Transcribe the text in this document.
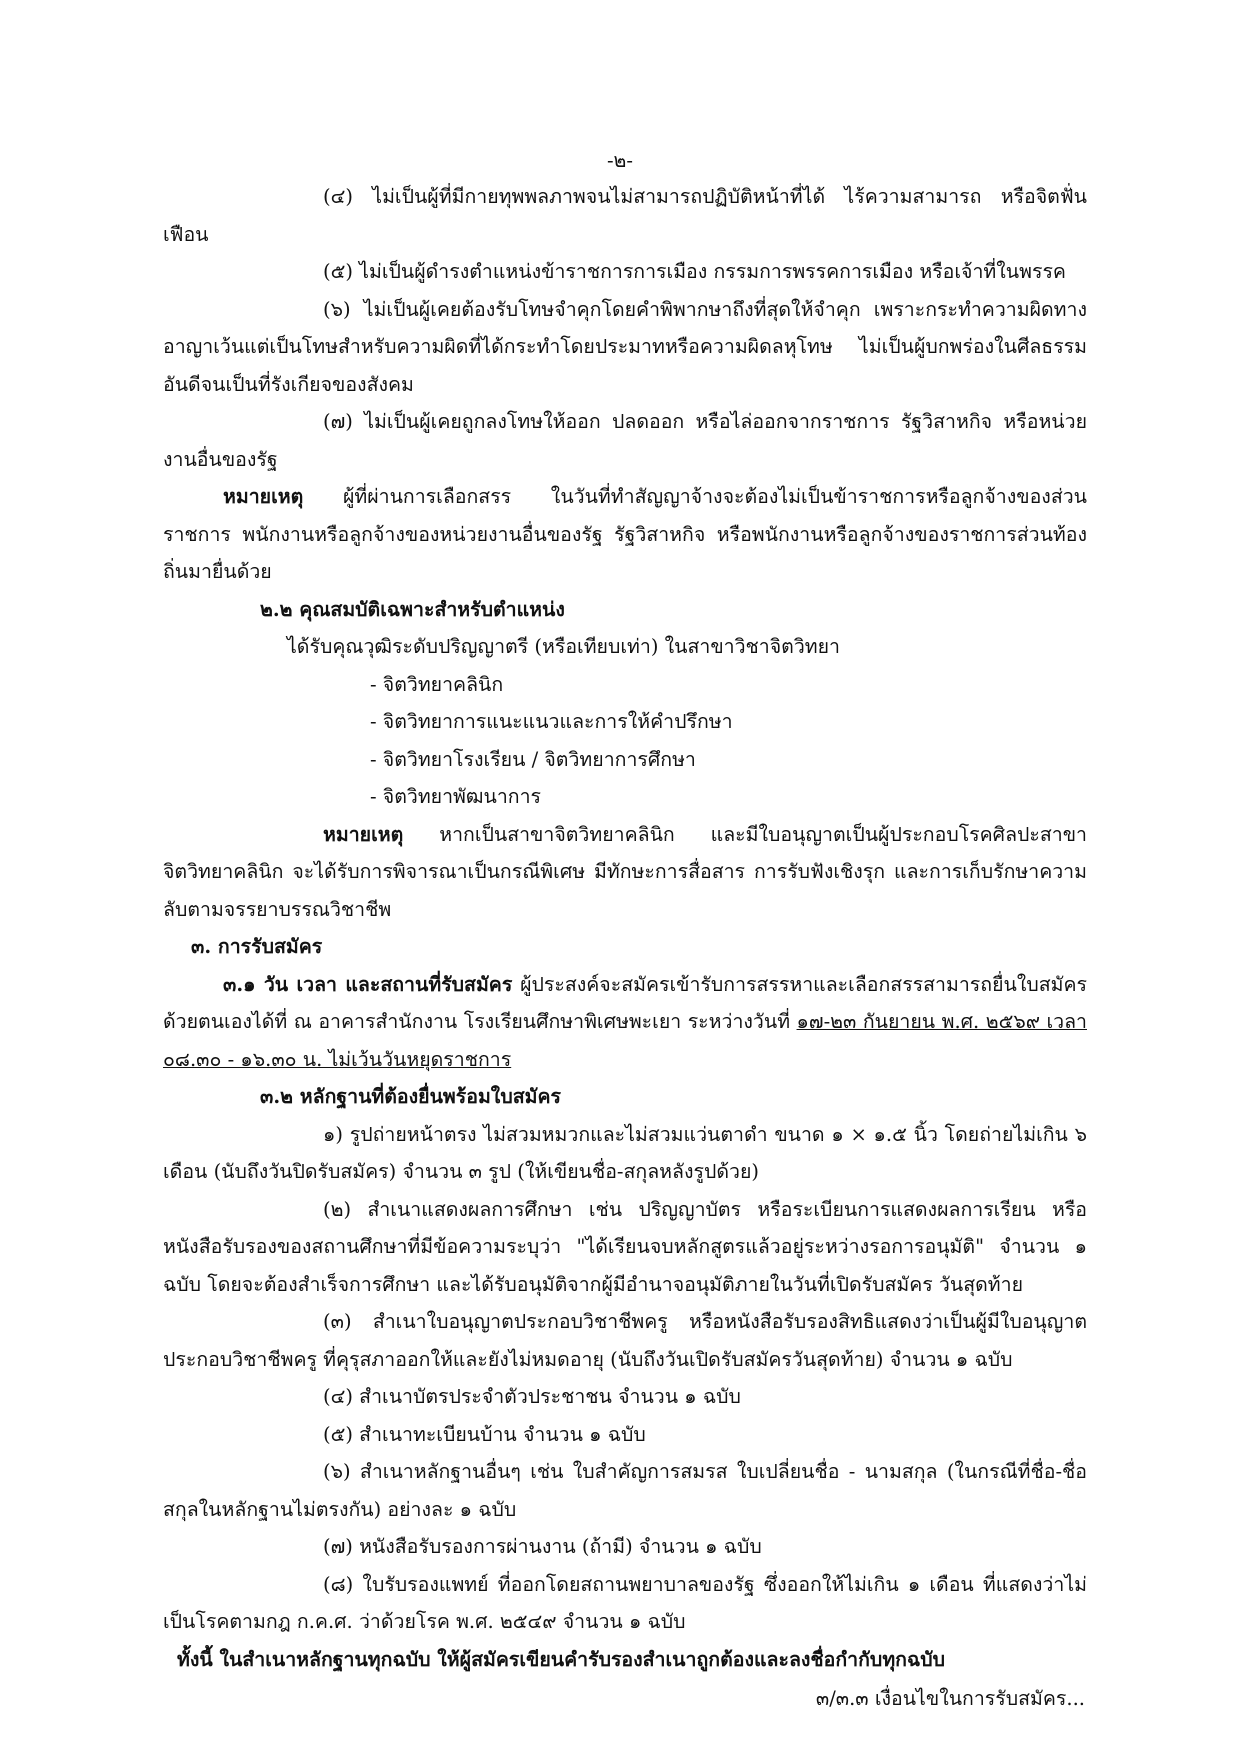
-๒-

(๔) ไม่เป็นผู้ที่มีกายทุพพลภาพจนไม่สามารถปฏิบัติหน้าที่ได้ ไร้ความสามารถ หรือจิตฟั่นเฟือน

(๕) ไม่เป็นผู้ดำรงตำแหน่งข้าราชการการเมือง กรรมการพรรคการเมือง หรือเจ้าที่ในพรรค

(๖) ไม่เป็นผู้เคยต้องรับโทษจำคุกโดยคำพิพากษาถึงที่สุดให้จำคุก เพราะกระทำความผิดทางอาญาเว้นแต่เป็นโทษสำหรับความผิดที่ได้กระทำโดยประมาทหรือความผิดลหุโทษ ไม่เป็นผู้บกพร่องในศีลธรรมอันดีจนเป็นที่รังเกียจของสังคม

(๗) ไม่เป็นผู้เคยถูกลงโทษให้ออก ปลดออก หรือไล่ออกจากราชการ รัฐวิสาหกิจ หรือหน่วยงานอื่นของรัฐ

หมายเหตุ ผู้ที่ผ่านการเลือกสรร ในวันที่ทำสัญญาจ้างจะต้องไม่เป็นข้าราชการหรือลูกจ้างของส่วนราชการ พนักงานหรือลูกจ้างของหน่วยงานอื่นของรัฐ รัฐวิสาหกิจ หรือพนักงานหรือลูกจ้างของราชการส่วนท้องถิ่นมายื่นด้วย

๒.๒ คุณสมบัติเฉพาะสำหรับตำแหน่ง

ได้รับคุณวุฒิระดับปริญญาตรี (หรือเทียบเท่า) ในสาขาวิชาจิตวิทยา

- จิตวิทยาคลินิก

- จิตวิทยาการแนะแนวและการให้คำปรึกษา

- จิตวิทยาโรงเรียน / จิตวิทยาการศึกษา

- จิตวิทยาพัฒนาการ

หมายเหตุ หากเป็นสาขาจิตวิทยาคลินิก และมีใบอนุญาตเป็นผู้ประกอบโรคศิลปะสาขาจิตวิทยาคลินิก จะได้รับการพิจารณาเป็นกรณีพิเศษ มีทักษะการสื่อสาร การรับฟังเชิงรุก และการเก็บรักษาความลับตามจรรยาบรรณวิชาชีพ

๓. การรับสมัคร

๓.๑ วัน เวลา และสถานที่รับสมัคร ผู้ประสงค์จะสมัครเข้ารับการสรรหาและเลือกสรรสามารถยื่นใบสมัครด้วยตนเองได้ที่ ณ อาคารสำนักงาน โรงเรียนศึกษาพิเศษพะเยา ระหว่างวันที่ ๑๗-๒๓ กันยายน พ.ศ. ๒๕๖๙ เวลา ๐๘.๓๐ - ๑๖.๓๐ น. ไม่เว้นวันหยุดราชการ

๓.๒ หลักฐานที่ต้องยื่นพร้อมใบสมัคร

๑) รูปถ่ายหน้าตรง ไม่สวมหมวกและไม่สวมแว่นตาดำ ขนาด ๑ × ๑.๕ นิ้ว โดยถ่ายไม่เกิน ๖ เดือน (นับถึงวันปิดรับสมัคร) จำนวน ๓ รูป (ให้เขียนชื่อ-สกุลหลังรูปด้วย)

(๒) สำเนาแสดงผลการศึกษา เช่น ปริญญาบัตร หรือระเบียนการแสดงผลการเรียน หรือหนังสือรับรองของสถานศึกษาที่มีข้อความระบุว่า "ได้เรียนจบหลักสูตรแล้วอยู่ระหว่างรอการอนุมัติ" จำนวน ๑ ฉบับ โดยจะต้องสำเร็จการศึกษา และได้รับอนุมัติจากผู้มีอำนาจอนุมัติภายในวันที่เปิดรับสมัคร วันสุดท้าย

(๓) สำเนาใบอนุญาตประกอบวิชาชีพครู หรือหนังสือรับรองสิทธิแสดงว่าเป็นผู้มีใบอนุญาตประกอบวิชาชีพครู ที่คุรุสภาออกให้และยังไม่หมดอายุ (นับถึงวันเปิดรับสมัครวันสุดท้าย) จำนวน ๑ ฉบับ

(๔) สำเนาบัตรประจำตัวประชาชน จำนวน ๑ ฉบับ

(๕) สำเนาทะเบียนบ้าน จำนวน ๑ ฉบับ

(๖) สำเนาหลักฐานอื่นๆ เช่น ใบสำคัญการสมรส ใบเปลี่ยนชื่อ - นามสกุล (ในกรณีที่ชื่อ-ชื่อสกุลในหลักฐานไม่ตรงกัน) อย่างละ ๑ ฉบับ

(๗) หนังสือรับรองการผ่านงาน (ถ้ามี) จำนวน ๑ ฉบับ

(๘) ใบรับรองแพทย์ ที่ออกโดยสถานพยาบาลของรัฐ ซึ่งออกให้ไม่เกิน ๑ เดือน ที่แสดงว่าไม่เป็นโรคตามกฎ ก.ค.ศ. ว่าด้วยโรค พ.ศ. ๒๕๔๙ จำนวน ๑ ฉบับ

ทั้งนี้ ในสำเนาหลักฐานทุกฉบับ ให้ผู้สมัครเขียนคำรับรองสำเนาถูกต้องและลงชื่อกำกับทุกฉบับ

๓/๓.๓ เงื่อนไขในการรับสมัคร...
